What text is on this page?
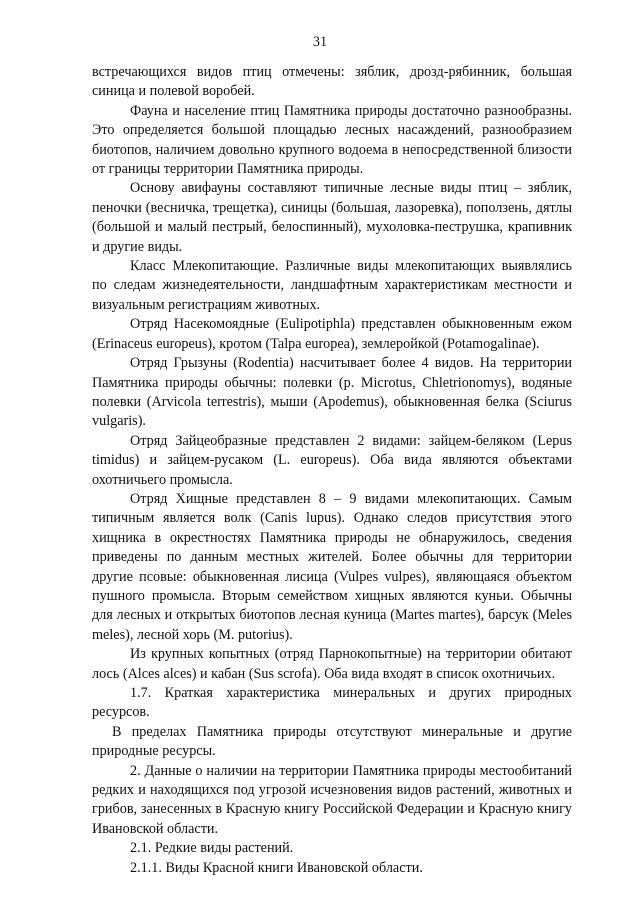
31

встречающихся видов птиц отмечены: зяблик, дрозд-рябинник, большая синица и полевой воробей.

Фауна и население птиц Памятника природы достаточно разнообразны. Это определяется большой площадью лесных насаждений, разнообразием биотопов, наличием довольно крупного водоема в непосредственной близости от границы территории Памятника природы.

Основу авифауны составляют типичные лесные виды птиц – зяблик, пеночки (весничка, трещетка), синицы (большая, лазоревка), поползень, дятлы (большой и малый пестрый, белоспинный), мухоловка-пеструшка, крапивник и другие виды.

Класс Млекопитающие. Различные виды млекопитающих выявлялись по следам жизнедеятельности, ландшафтным характеристикам местности и визуальным регистрациям животных.

Отряд Насекомоядные (Eulipotiphla) представлен обыкновенным ежом (Erinaceus europeus), кротом (Talpa europea), землеройкой (Potamogalinae).

Отряд Грызуны (Rodentia) насчитывает более 4 видов. На территории Памятника природы обычны: полевки (р. Microtus, Chletrionomys), водяные полевки (Arvicola terrestris), мыши (Apodemus), обыкновенная белка (Sciurus vulgaris).

Отряд Зайцеобразные представлен 2 видами: зайцем-беляком (Lepus timidus) и зайцем-русаком (L. europeus). Оба вида являются объектами охотничьего промысла.

Отряд Хищные представлен 8 – 9 видами млекопитающих. Самым типичным является волк (Canis lupus). Однако следов присутствия этого хищника в окрестностях Памятника природы не обнаружилось, сведения приведены по данным местных жителей. Более обычны для территории другие псовые: обыкновенная лисица (Vulpes vulpes), являющаяся объектом пушного промысла. Вторым семейством хищных являются куньи. Обычны для лесных и открытых биотопов лесная куница (Martes martes), барсук (Meles meles), лесной хорь (M. putorius).

Из крупных копытных (отряд Парнокопытные) на территории обитают лось (Alces alces) и кабан (Sus scrofa). Оба вида входят в список охотничьих.

1.7. Краткая характеристика минеральных и других природных ресурсов.

В пределах Памятника природы отсутствуют минеральные и другие природные ресурсы.

2. Данные о наличии на территории Памятника природы местообитаний редких и находящихся под угрозой исчезновения видов растений, животных и грибов, занесенных в Красную книгу Российской Федерации и Красную книгу Ивановской области.

2.1. Редкие виды растений.

2.1.1. Виды Красной книги Ивановской области.
